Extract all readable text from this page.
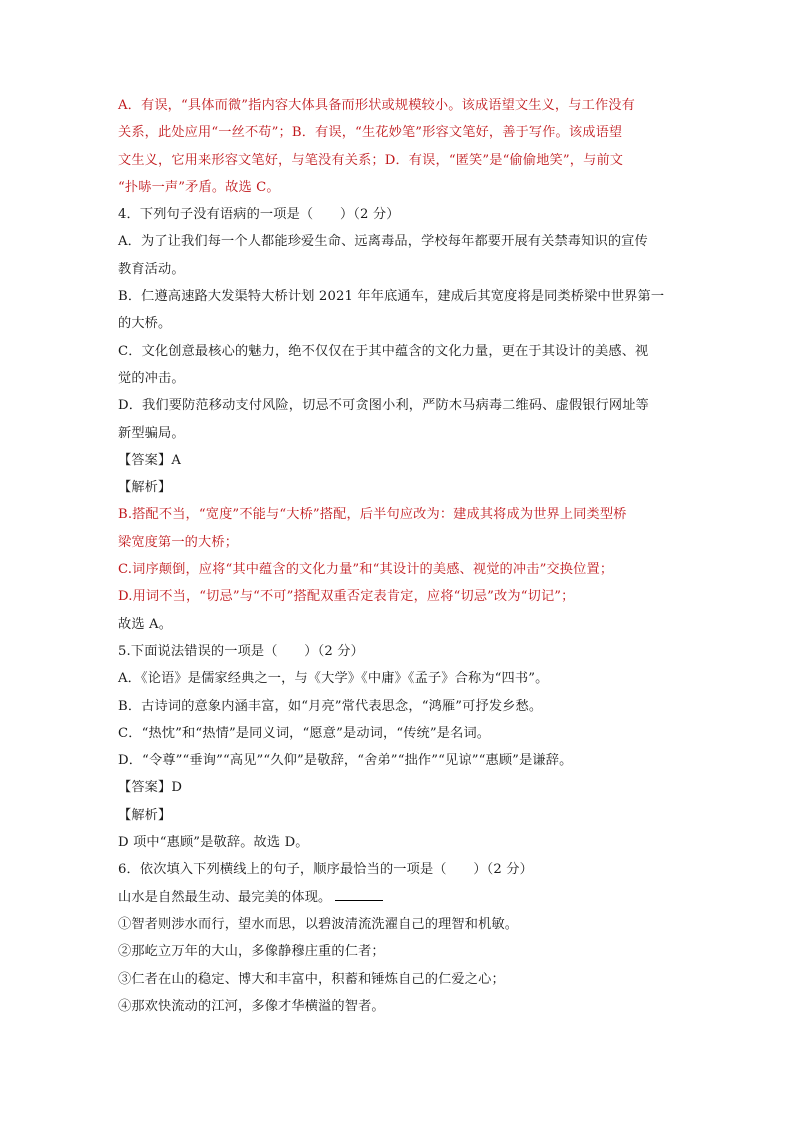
A．有误，“具体而微”指内容大体具备而形状或规模较小。该成语望文生义，与工作没有
关系，此处应用“一丝不苟”；B．有误，“生花妙笔”形容文笔好，善于写作。该成语望
文生义，它用来形容文笔好，与笔没有关系；D．有误，“匿笑”是“偷偷地笑”，与前文
“扑哧一声”矛盾。故选 C。
4．下列句子没有语病的一项是（　　）（2 分）
A．为了让我们每一个人都能珍爱生命、远离毒品，学校每年都要开展有关禁毒知识的宣传
教育活动。
B．仁遵高速路大发渠特大桥计划 2021 年年底通车，建成后其宽度将是同类桥梁中世界第一
的大桥。
C．文化创意最核心的魅力，绝不仅仅在于其中蕴含的文化力量，更在于其设计的美感、视
觉的冲击。
D．我们要防范移动支付风险，切忌不可贪图小利，严防木马病毒二维码、虚假银行网址等
新型骗局。
【答案】A
【解析】
B.搭配不当，“宽度”不能与“大桥”搭配，后半句应改为：建成其将成为世界上同类型桥
梁宽度第一的大桥；
C.词序颠倒，应将“其中蕴含的文化力量”和“其设计的美感、视觉的冲击”交换位置；
D.用词不当，“切忌”与“不可”搭配双重否定表肯定，应将“切忌”改为“切记”；
故选 A。
5.下面说法错误的一项是（　　）（2 分）
A．《论语》是儒家经典之一，与《大学》《中庸》《孟子》合称为“四书”。
B．古诗词的意象内涵丰富，如“月亮”常代表思念，“鸿雁”可抒发乡愁。
C．“热忱”和“热情”是同义词，“愿意”是动词，“传统”是名词。
D．“令尊”“垂询”“高见”“久仰”是敬辞，“舍弟”“拙作”“见谅”“惠顾”是谦辞。
【答案】D
【解析】
D 项中“惠顾”是敬辞。故选 D。
6．依次填入下列横线上的句子，顺序最恰当的一项是（　　）（2 分）
山水是自然最生动、最完美的体现。
①智者则涉水而行，望水而思，以碧波清流洗濯自己的理智和机敏。
②那屹立万年的大山，多像静穆庄重的仁者；
③仁者在山的稳定、博大和丰富中，积蓄和锤炼自己的仁爱之心；
④那欢快流动的江河，多像才华横溢的智者。
